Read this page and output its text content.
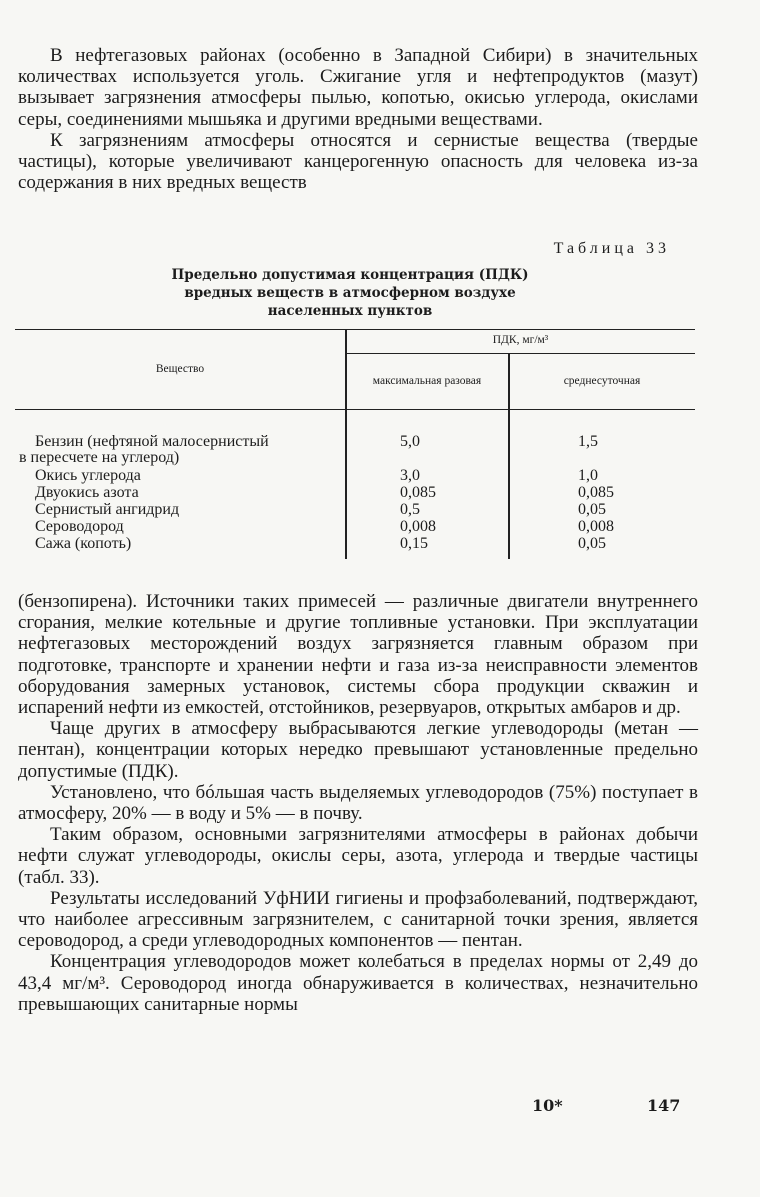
В нефтегазовых районах (особенно в Западной Сибири) в значительных количествах используется уголь. Сжигание угля и нефтепродуктов (мазут) вызывает загрязнения атмосферы пылью, копотью, окисью углерода, окислами серы, соединениями мышьяка и другими вредными веществами.

К загрязнениям атмосферы относятся и сернистые вещества (твердые частицы), которые увеличивают канцерогенную опасность для человека из-за содержания в них вредных веществ

Таблица 33
Предельно допустимая концентрация (ПДК)
вредных веществ в атмосферном воздухе
населенных пунктов
Вещество
ПДК, мг/м³
максимальная разовая	среднесуточная
Бензин (нефтяной малосернистый
в пересчете на углерод)
5,0	1,5
Окись углерода	3,0	1,0
Двуокись азота	0,085	0,085
Сернистый ангидрид	0,5	0,05
Сероводород	0,008	0,008
Сажа (копоть)	0,15	0,05

(бензопирена). Источники таких примесей — различные двигатели внутреннего сгорания, мелкие котельные и другие топливные установки. При эксплуатации нефтегазовых месторождений воздух загрязняется главным образом при подготовке, транспорте и хранении нефти и газа из-за неисправности элементов оборудования замерных установок, системы сбора продукции скважин и испарений нефти из емкостей, отстойников, резервуаров, открытых амбаров и др.

Чаще других в атмосферу выбрасываются легкие углеводороды (метан — пентан), концентрации которых нередко превышают установленные предельно допустимые (ПДК).

Установлено, что бóльшая часть выделяемых углеводородов (75%) поступает в атмосферу, 20% — в воду и 5% — в почву.

Таким образом, основными загрязнителями атмосферы в районах добычи нефти служат углеводороды, окислы серы, азота, углерода и твердые частицы (табл. 33).

Результаты исследований УфНИИ гигиены и профзаболеваний, подтверждают, что наиболее агрессивным загрязнителем, с санитарной точки зрения, является сероводород, а среди углеводородных компонентов — пентан.

Концентрация углеводородов может колебаться в пределах нормы от 2,49 до 43,4 мг/м³. Сероводород иногда обнаруживается в количествах, незначительно превышающих санитарные нормы

10*	147
